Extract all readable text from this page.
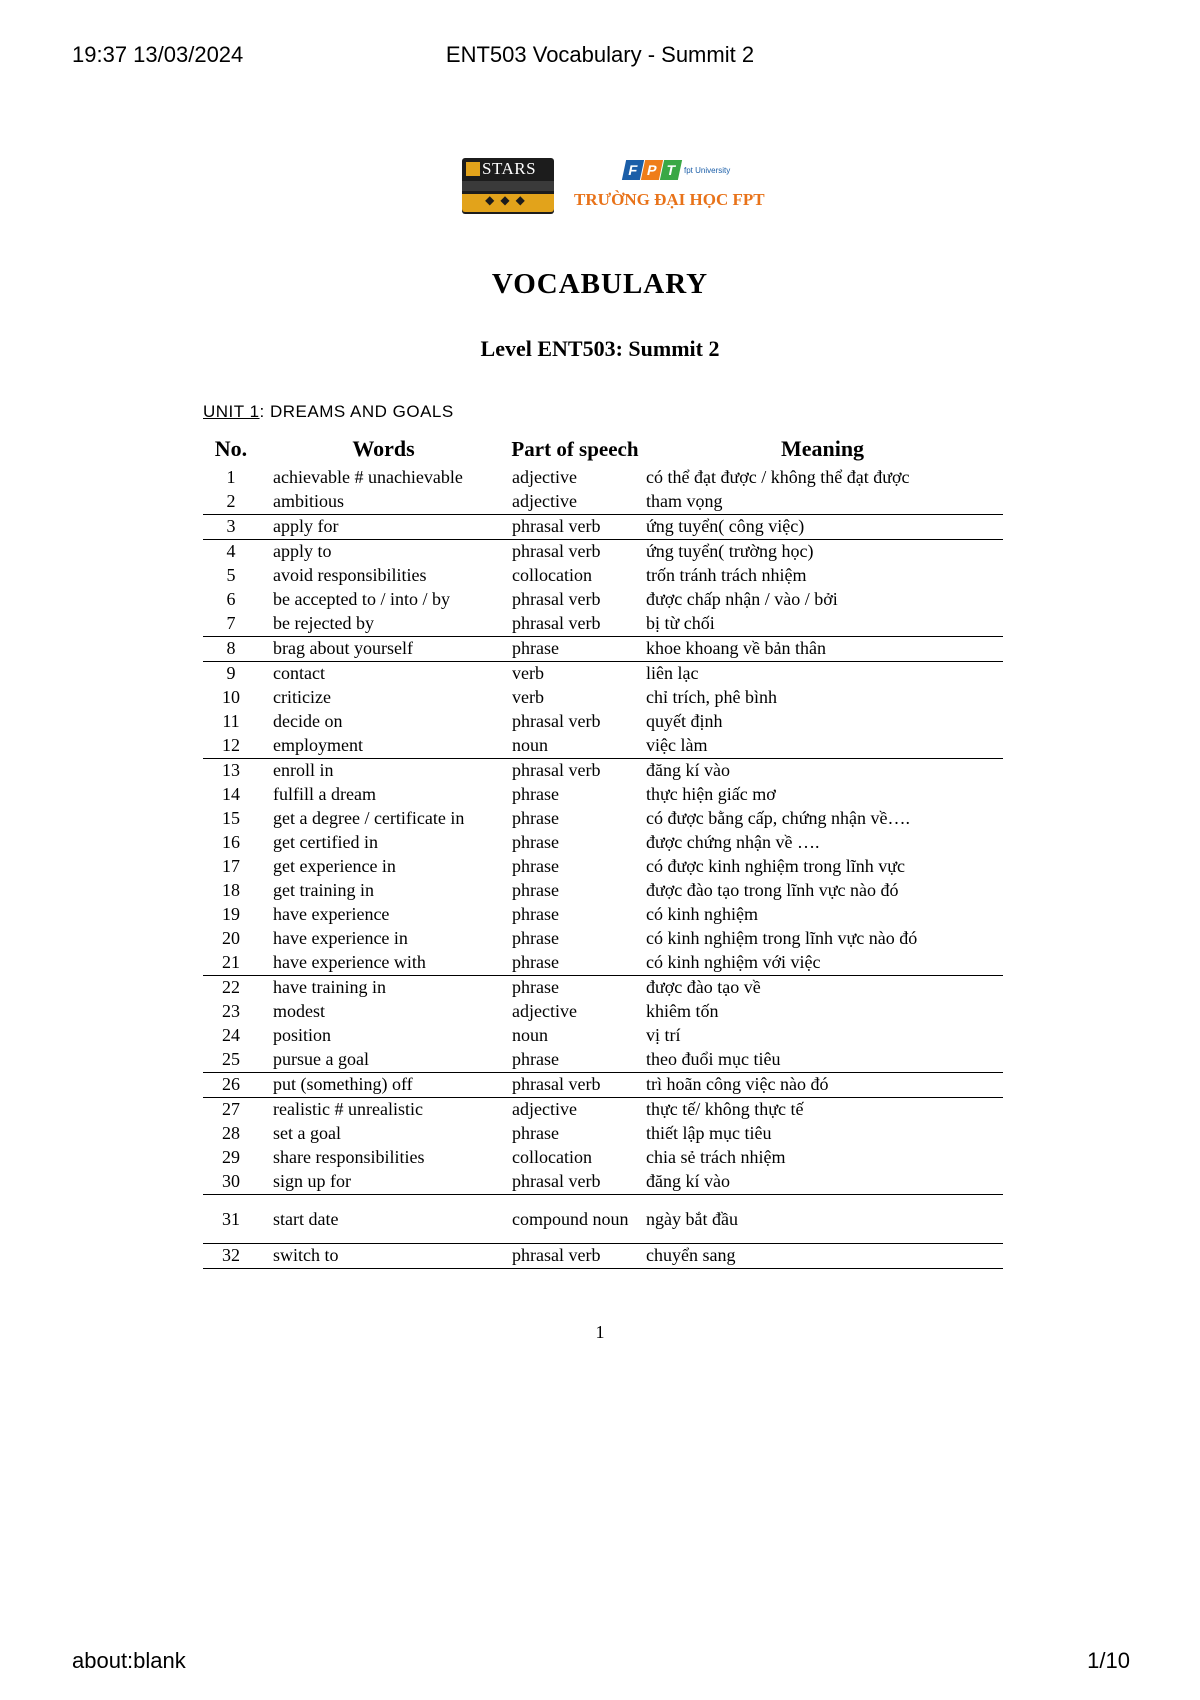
19:37 13/03/2024	ENT503 Vocabulary - Summit 2
STARS
◆◆◆
F P T fpt University
TRƯỜNG ĐẠI HỌC FPT
VOCABULARY
Level ENT503: Summit 2
UNIT 1: DREAMS AND GOALS
No.	Words	Part of speech	Meaning
1	achievable # unachievable	adjective	có thể đạt được / không thể đạt được
2	ambitious	adjective	tham vọng
3	apply for	phrasal verb	ứng tuyển( công việc)
4	apply to	phrasal verb	ứng tuyển( trường học)
5	avoid responsibilities	collocation	trốn tránh trách nhiệm
6	be accepted to / into / by	phrasal verb	được chấp nhận / vào / bởi
7	be rejected by	phrasal verb	bị từ chối
8	brag about yourself	phrase	khoe khoang về bản thân
9	contact	verb	liên lạc
10	criticize	verb	chỉ trích, phê bình
11	decide on	phrasal verb	quyết định
12	employment	noun	việc làm
13	enroll in	phrasal verb	đăng kí vào
14	fulfill a dream	phrase	thực hiện giấc mơ
15	get a degree / certificate in	phrase	có được bằng cấp, chứng nhận về….
16	get certified in	phrase	được chứng nhận về ….
17	get experience in	phrase	có được kinh nghiệm trong lĩnh vực
18	get training in	phrase	được đào tạo trong lĩnh vực nào đó
19	have experience	phrase	có kinh nghiệm
20	have experience in	phrase	có kinh nghiệm trong lĩnh vực nào đó
21	have experience with	phrase	có kinh nghiệm với việc
22	have training in	phrase	được đào tạo về
23	modest	adjective	khiêm tốn
24	position	noun	vị trí
25	pursue a goal	phrase	theo đuổi mục tiêu
26	put (something) off	phrasal verb	trì hoãn công việc nào đó
27	realistic # unrealistic	adjective	thực tế/ không thực tế
28	set a goal	phrase	thiết lập mục tiêu
29	share responsibilities	collocation	chia sẻ trách nhiệm
30	sign up for	phrasal verb	đăng kí vào
31	start date	compound noun	ngày bắt đầu
32	switch to	phrasal verb	chuyển sang
1
about:blank	1/10
